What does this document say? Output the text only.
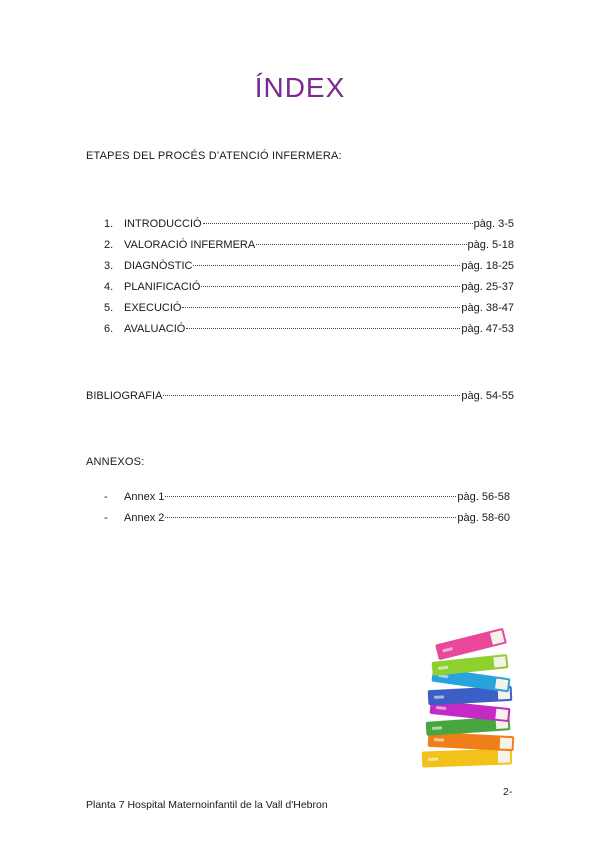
ÍNDEX
ETAPES DEL PROCÉS D'ATENCIÓ INFERMERA:
1. INTRODUCCIÓ	pàg. 3-5
2. VALORACIÓ INFERMERA	pàg. 5-18
3. DIAGNÒSTIC	pàg. 18-25
4. PLANIFICACIÓ	pàg. 25-37
5. EXECUCIÓ	pàg. 38-47
6. AVALUACIÓ	pàg. 47-53
BIBLIOGRAFIA	pàg. 54-55
ANNEXOS:
-	Annex 1	pàg. 56-58
-	Annex 2	pàg. 58-60
2-
Planta 7 Hospital Maternoinfantil de la Vall d'Hebron
